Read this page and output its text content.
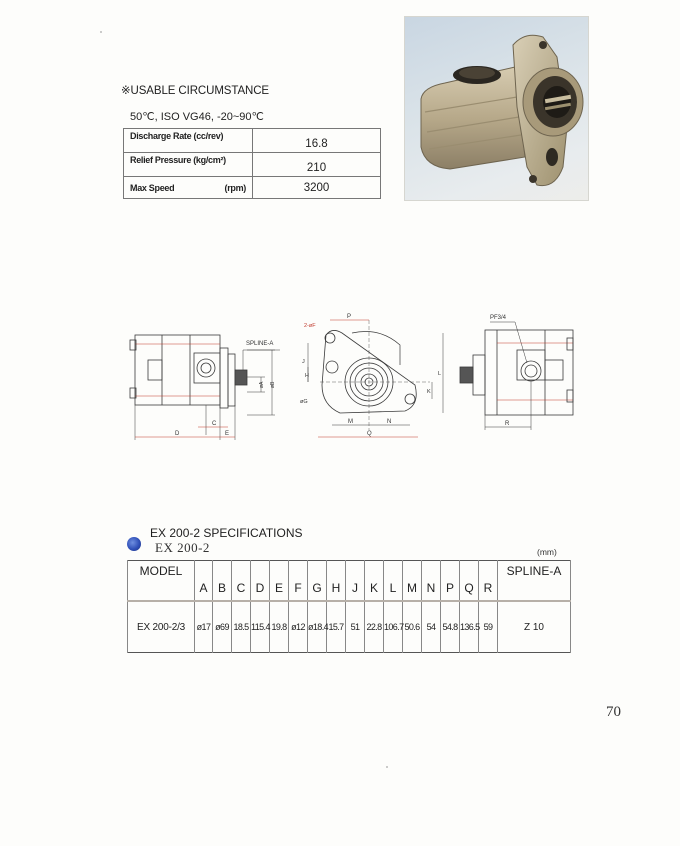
※USABLE CIRCUMSTANCE
50℃, ISO VG46, -20~90℃
Discharge Rate (cc/rev)	16.8
Relief Pressure (kg/cm²)	210
Max Speed (rpm)	3200
SPLINE-A
øA øB
C
D	E
P
2-øF
øG
J
H	L
K
M	N
Q
PF3/4
R
EX 200-2 SPECIFICATIONS
EX 200-2	(mm)
MODEL	A	B	C	D	E	F	G	H	J	K	L	M	N	P	Q	R	SPLINE-A
EX 200-2/3	ø17	ø69	18.5	115.4	19.8	ø12	ø18.4	15.7	51	22.8	106.7	50.6	54	54.8	136.5	59	Z 10
70
